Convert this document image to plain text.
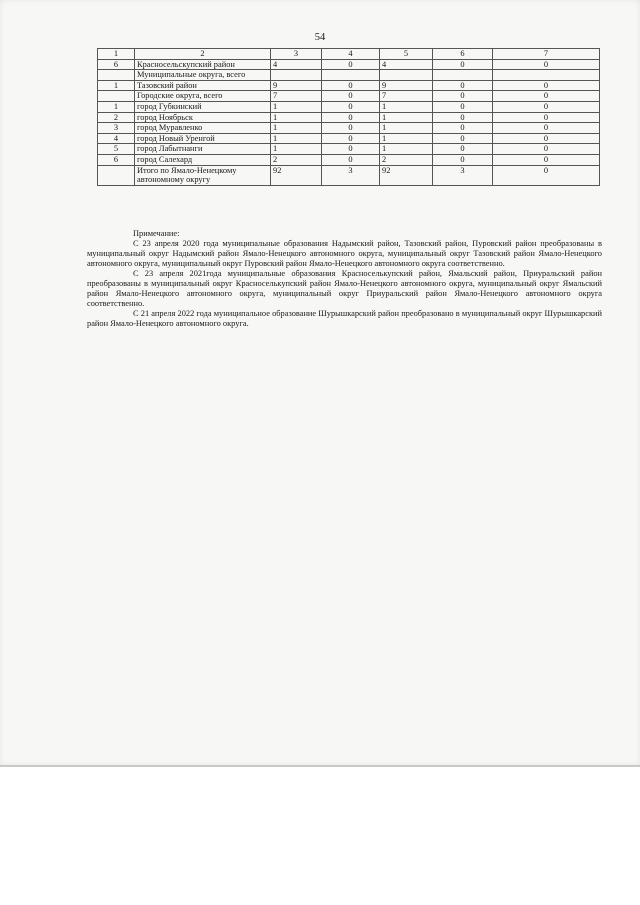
54
1	2	3	4	5	6	7
6	Красносельскупский район	4	0	4	0	0
	Муниципальные округа, всего					
1	Тазовский район	9	0	9	0	0
	Городские округа, всего	7	0	7	0	0
1	город Губкинский	1	0	1	0	0
2	город Ноябрьск	1	0	1	0	0
3	город Муравленко	1	0	1	0	0
4	город Новый Уренгой	1	0	1	0	0
5	город Лабытнанги	1	0	1	0	0
6	город Салехард	2	0	2	0	0
	Итого по Ямало-Ненецкому автономному округу	92	3	92	3	0

Примечание:

С 23 апреля 2020 года муниципальные образования Надымский район, Тазовский район, Пуровский район преобразованы в муниципальный округ Надымский район Ямало-Ненецкого автономного округа, муниципальный округ Тазовский район Ямало-Ненецкого автономного округа, муниципальный округ Пуровский район Ямало-Ненецкого автономного округа соответственно.

С 23 апреля 2021года муниципальные образования Красноселькупский район, Ямальский район, Приуральский район преобразованы в муниципальный округ Красноселькупский район Ямало-Ненецкого автономного округа, муниципальный округ Ямальский район Ямало-Ненецкого автономного округа, муниципальный округ Приуральский район Ямало-Ненецкого автономного округа соответственно.

С 21 апреля 2022 года муниципальное образование Шурышкарский район преобразовано в муниципальный округ Шурышкарский район Ямало-Ненецкого автономного округа.
